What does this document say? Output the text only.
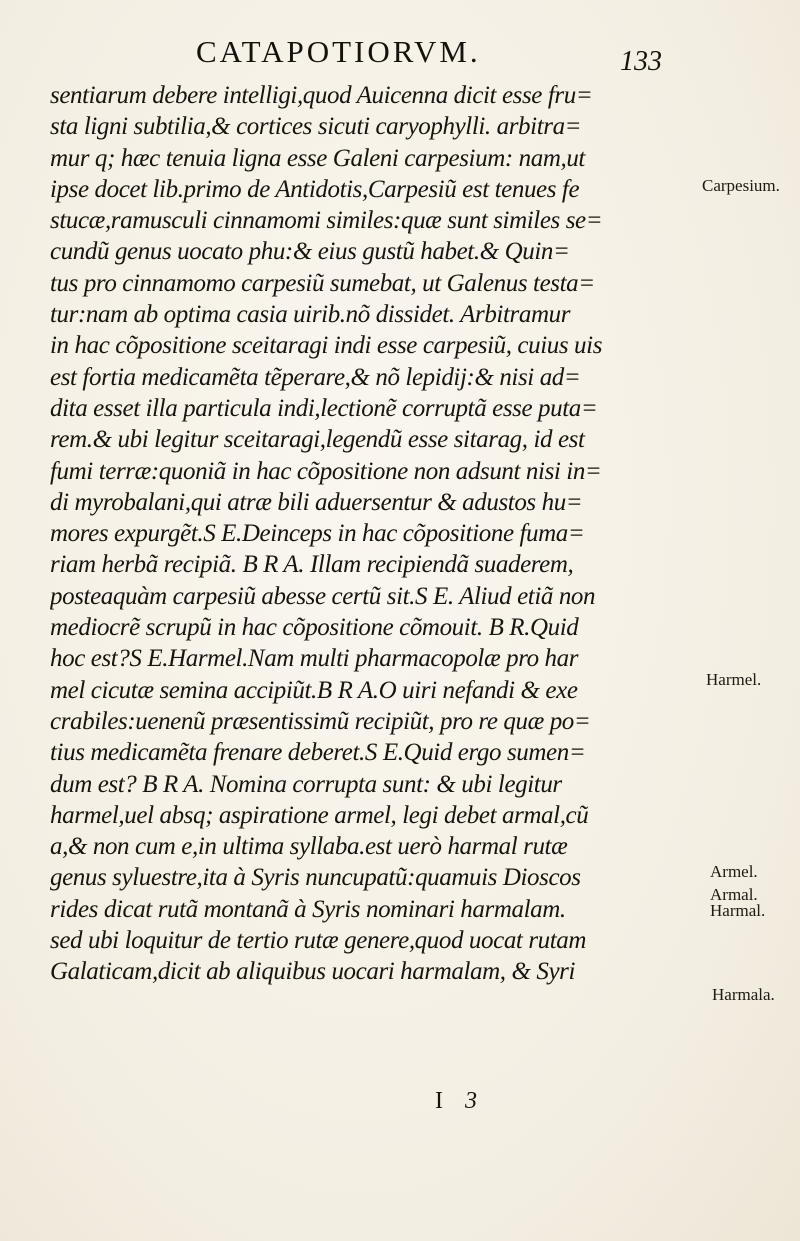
CATAPOTIORVM.	133
sentiarum debere intelligi,quod Auicenna dicit esse fru=
sta ligni subtilia,& cortices sicuti caryophylli. arbitra=
mur q; hæc tenuia ligna esse Galeni carpesium: nam,ut
ipse docet lib.primo de Antidotis,Carpesiũ est tenues fe
stucæ,ramusculi cinnamomi similes:quæ sunt similes se=
cundũ genus uocato phu:& eius gustũ habet.& Quin=
tus pro cinnamomo carpesiũ sumebat, ut Galenus testa=
tur:nam ab optima casia uirib.nõ dissidet. Arbitramur
in hac cõpositione sceitaragi indi esse carpesiũ, cuius uis
est fortia medicamẽta tẽperare,& nõ lepidij:& nisi ad=
dita esset illa particula indi,lectionẽ corruptã esse puta=
rem.& ubi legitur sceitaragi,legendũ esse sitarag, id est
fumi terræ:quoniã in hac cõpositione non adsunt nisi in=
di myrobalani,qui atræ bili aduersentur & adustos hu=
mores expurgẽt.S E.Deinceps in hac cõpositione fuma=
riam herbã recipiã. B R A. Illam recipiendã suaderem,
posteaquàm carpesiũ abesse certũ sit.S E. Aliud etiã non
mediocrẽ scrupũ in hac cõpositione cõmouit. B R.Quid
hoc est?S E.Harmel.Nam multi pharmacopolæ pro har
mel cicutæ semina accipiũt.B R A.O uiri nefandi & exe
crabiles:uenenũ præsentissimũ recipiũt, pro re quæ po=
tius medicamẽta frenare deberet.S E.Quid ergo sumen=
dum est? B R A. Nomina corrupta sunt: & ubi legitur
harmel,uel absq; aspiratione armel, legi debet armal,cũ
a,& non cum e,in ultima syllaba.est uerò harmal rutæ
genus syluestre,ita à Syris nuncupatũ:quamuis Dioscos
rides dicat rutã montanã à Syris nominari harmalam.
sed ubi loquitur de tertio rutæ genere,quod uocat rutam
Galaticam,dicit ab aliquibus uocari harmalam, & Syri
Carpesium.
Harmel.
Armel.
Armal.
Harmal.
Harmala.
I3
